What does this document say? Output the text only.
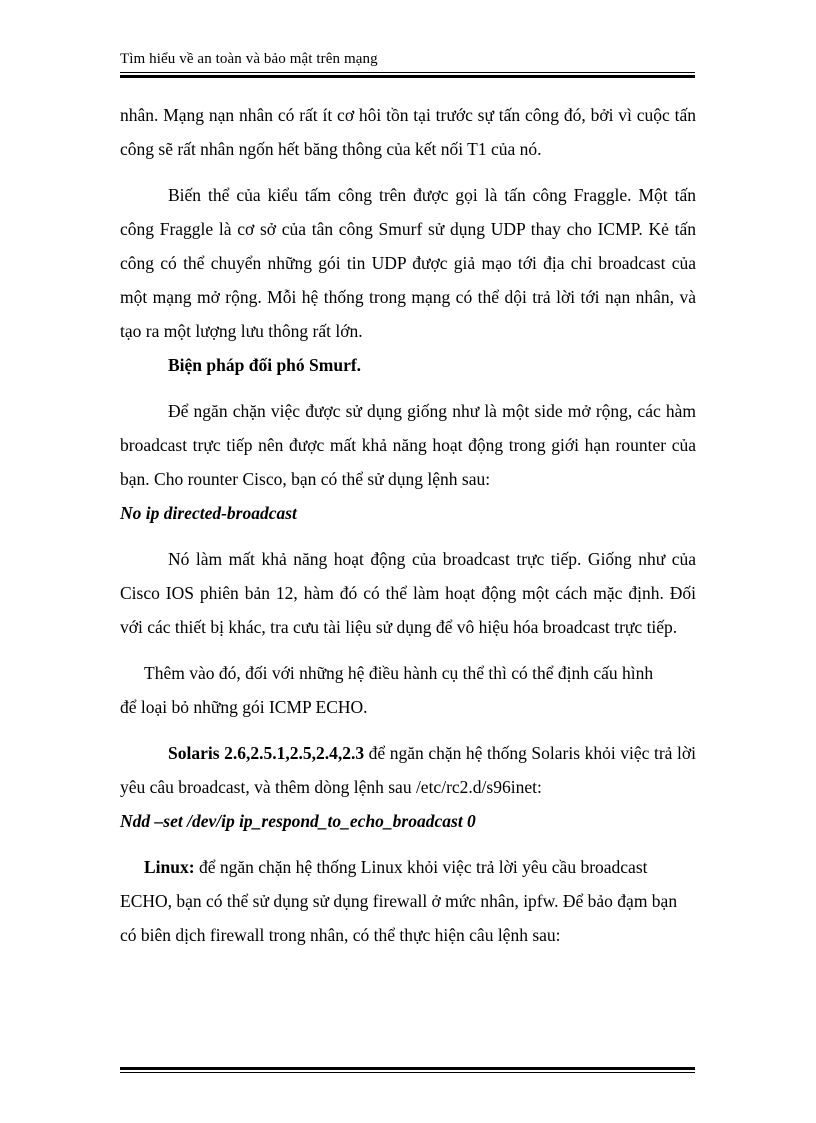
Tìm hiểu về an toàn và bảo mật trên mạng

nhân. Mạng nạn nhân có rất ít cơ hôi tồn tại trước sự tấn công đó, bởi vì cuộc tấn công sẽ rất nhân ngốn hết băng thông của kết nối T1 của nó.

Biến thể của kiểu tấm công trên được gọi là tấn công Fraggle. Một tấn công Fraggle là cơ sở của tân công Smurf sử dụng UDP thay cho ICMP. Kẻ tấn công có thể chuyển những gói tin UDP được giả mạo tới địa chỉ broadcast của một mạng mở rộng. Mỗi hệ thống trong mạng có thể dội trả lời tới nạn nhân, và tạo ra một lượng lưu thông rất lớn.

Biện pháp đối phó Smurf.

Để ngăn chặn việc được sử dụng giống như là một side mở rộng, các hàm broadcast trực tiếp nên được mất khả năng hoạt động trong giới hạn rounter của bạn. Cho rounter Cisco, bạn có thể sử dụng lệnh sau:

No ip directed-broadcast

Nó làm mất khả năng hoạt động của broadcast trực tiếp. Giống như của Cisco IOS phiên bản 12, hàm đó có thể làm hoạt động một cách mặc định. Đối với các thiết bị khác, tra cưu tài liệu sử dụng để vô hiệu hóa broadcast trực tiếp.

Thêm vào đó, đối với những hệ điều hành cụ thể thì có thể định cấu hình để loại bỏ những gói ICMP ECHO.

Solaris 2.6,2.5.1,2.5,2.4,2.3 để ngăn chặn hệ thống Solaris khỏi việc trả lời yêu câu broadcast, và thêm dòng lệnh sau /etc/rc2.d/s96inet:

Ndd –set /dev/ip ip_respond_to_echo_broadcast 0

Linux: để ngăn chặn hệ thống Linux khỏi việc trả lời yêu cầu broadcast ECHO, bạn có thể sử dụng sử dụng firewall ở mức nhân, ipfw. Để bảo đạm bạn có biên dịch firewall trong nhân, có thể thực hiện câu lệnh sau:
